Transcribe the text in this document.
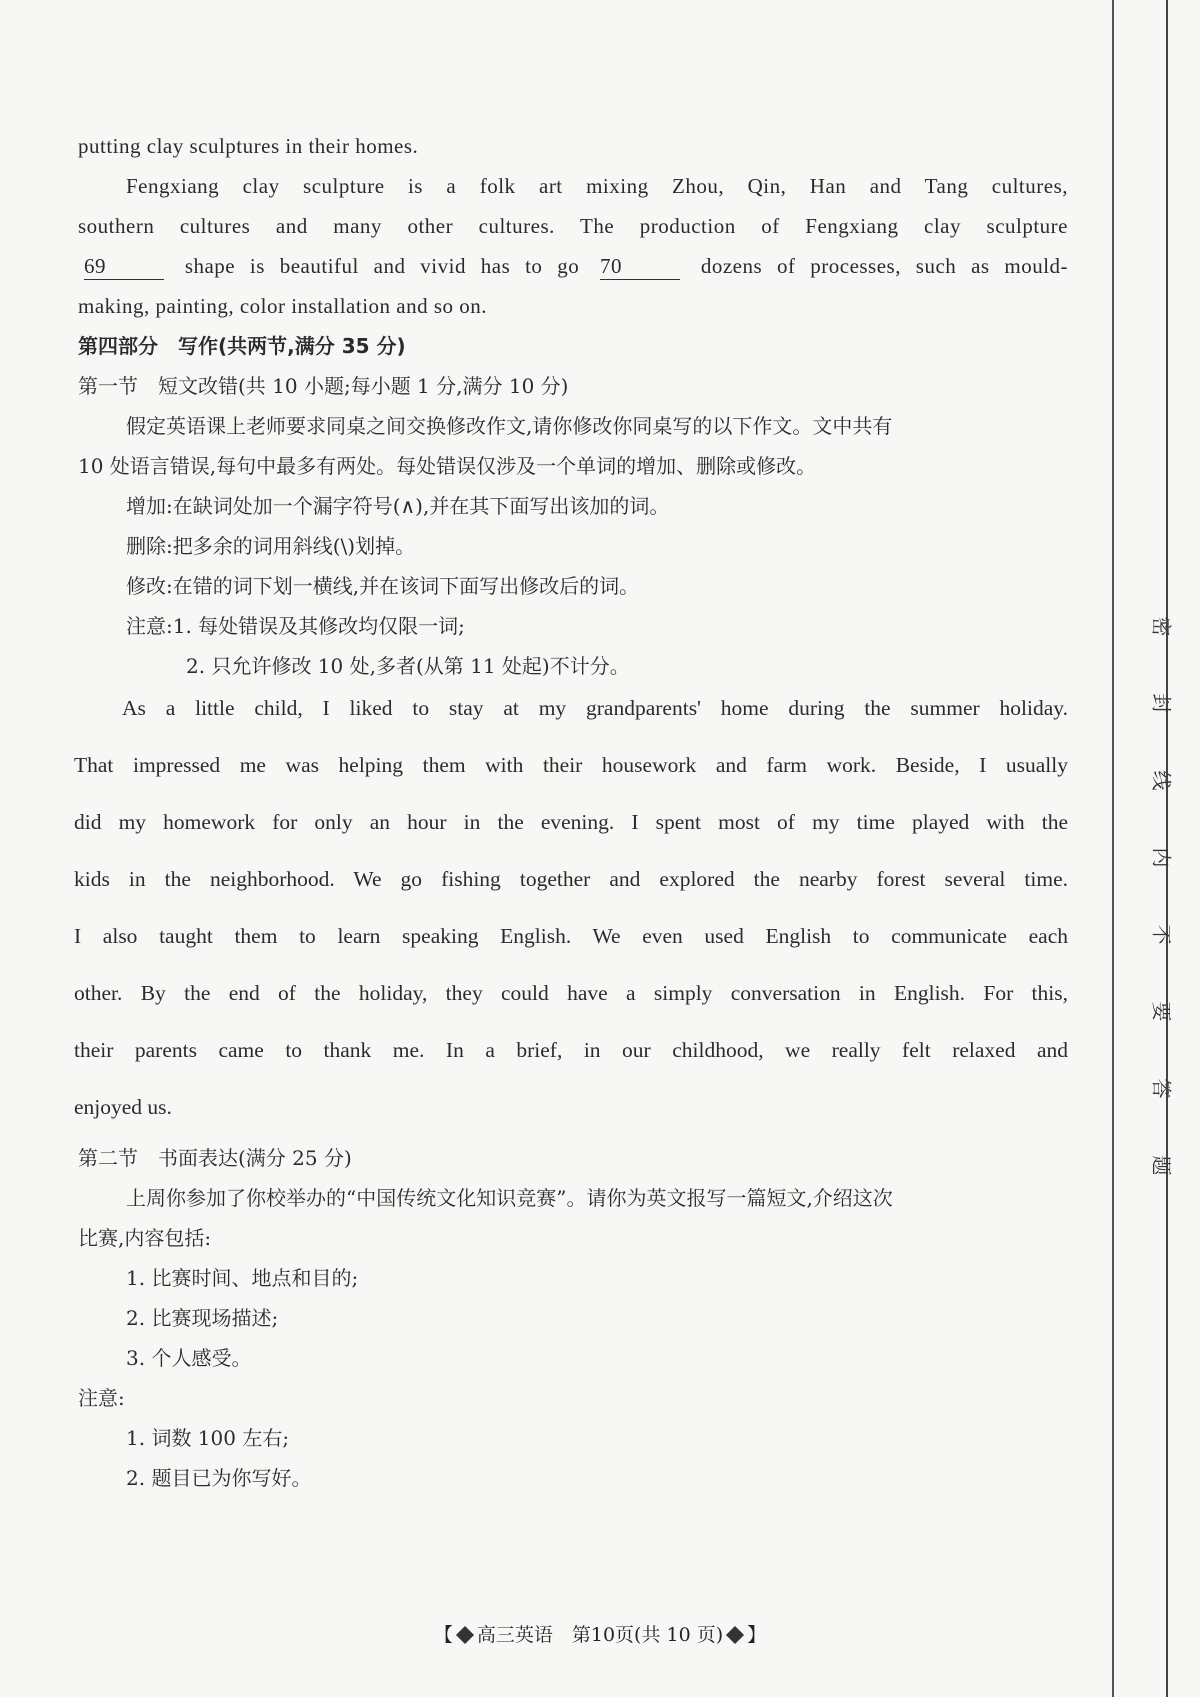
putting clay sculptures in their homes.

Fengxiang clay sculpture is a folk art mixing Zhou, Qin, Han and Tang cultures,

southern cultures and many other cultures. The production of Fengxiang clay sculpture

69	shape is beautiful and vivid has to go 70	dozens of processes, such as mould-

making, painting, color installation and so on.

第四部分　写作(共两节,满分 35 分)

第一节　短文改错(共 10 小题;每小题 1 分,满分 10 分)

假定英语课上老师要求同桌之间交换修改作文,请你修改你同桌写的以下作文。文中共有

10 处语言错误,每句中最多有两处。每处错误仅涉及一个单词的增加、删除或修改。

增加:在缺词处加一个漏字符号(∧),并在其下面写出该加的词。

删除:把多余的词用斜线(\)划掉。

修改:在错的词下划一横线,并在该词下面写出修改后的词。

注意:1. 每处错误及其修改均仅限一词;

2. 只允许修改 10 处,多者(从第 11 处起)不计分。

As a little child, I liked to stay at my grandparents' home during the summer holiday.

That impressed me was helping them with their housework and farm work. Beside, I usually

did my homework for only an hour in the evening. I spent most of my time played with the

kids in the neighborhood. We go fishing together and explored the nearby forest several time.

I also taught them to learn speaking English. We even used English to communicate each

other. By the end of the holiday, they could have a simply conversation in English. For this,

their parents came to thank me. In a brief, in our childhood, we really felt relaxed and

enjoyed us.

第二节　书面表达(满分 25 分)

上周你参加了你校举办的“中国传统文化知识竞赛”。请你为英文报写一篇短文,介绍这次

比赛,内容包括:

1. 比赛时间、地点和目的;

2. 比赛现场描述;

3. 个人感受。

注意:

1. 词数 100 左右;

2. 题目已为你写好。

密
封
线
内
不
要
答
题
【 高三英语　第10页(共 10 页) 】
